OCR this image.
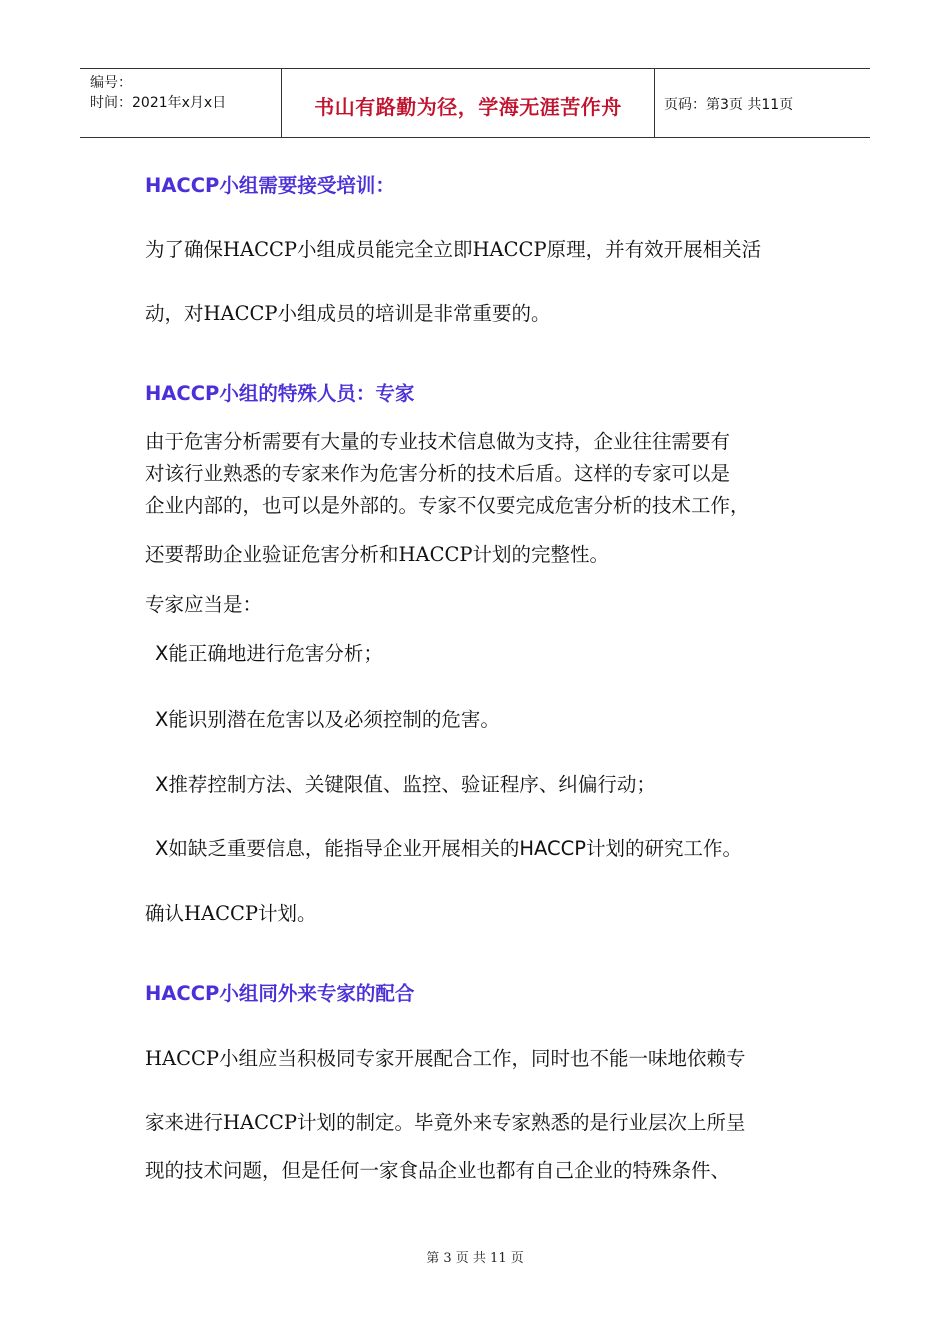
编号：
时间：2021年x月x日	书山有路勤为径，学海无涯苦作舟	页码：第3页 共11页
HACCP小组需要接受培训：
为了确保HACCP小组成员能完全立即HACCP原理，并有效开展相关活
动，对HACCP小组成员的培训是非常重要的。
HACCP小组的特殊人员：专家
由于危害分析需要有大量的专业技术信息做为支持，企业往往需要有
对该行业熟悉的专家来作为危害分析的技术后盾。这样的专家可以是
企业内部的，也可以是外部的。专家不仅要完成危害分析的技术工作，
还要帮助企业验证危害分析和HACCP计划的完整性。
专家应当是：
X能正确地进行危害分析；
X能识别潜在危害以及必须控制的危害。
X推荐控制方法、关键限值、监控、验证程序、纠偏行动；
X如缺乏重要信息，能指导企业开展相关的HACCP计划的研究工作。
确认HACCP计划。
HACCP小组同外来专家的配合
HACCP小组应当积极同专家开展配合工作，同时也不能一味地依赖专
家来进行HACCP计划的制定。毕竟外来专家熟悉的是行业层次上所呈
现的技术问题，但是任何一家食品企业也都有自己企业的特殊条件、
第 3 页 共 11 页
